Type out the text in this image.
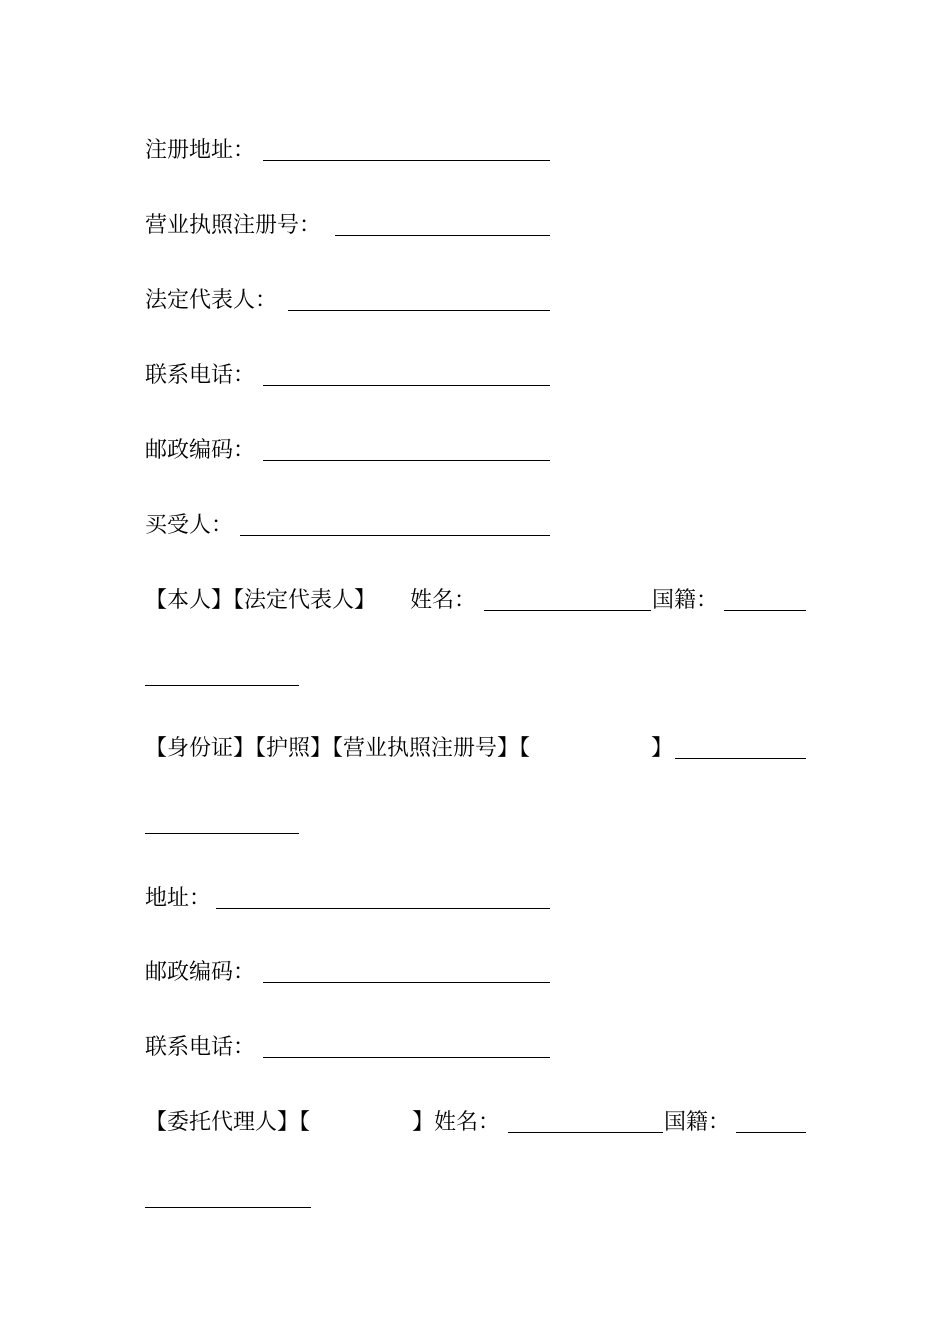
注册地址：
营业执照注册号：
法定代表人：
联系电话：
邮政编码：
买受人：
【本人】【法定代表人】 姓名：	国籍：
【身份证】【护照】【营业执照注册号】【	】
地址：
邮政编码：
联系电话：
【委托代理人】【	】姓名：	国籍：
